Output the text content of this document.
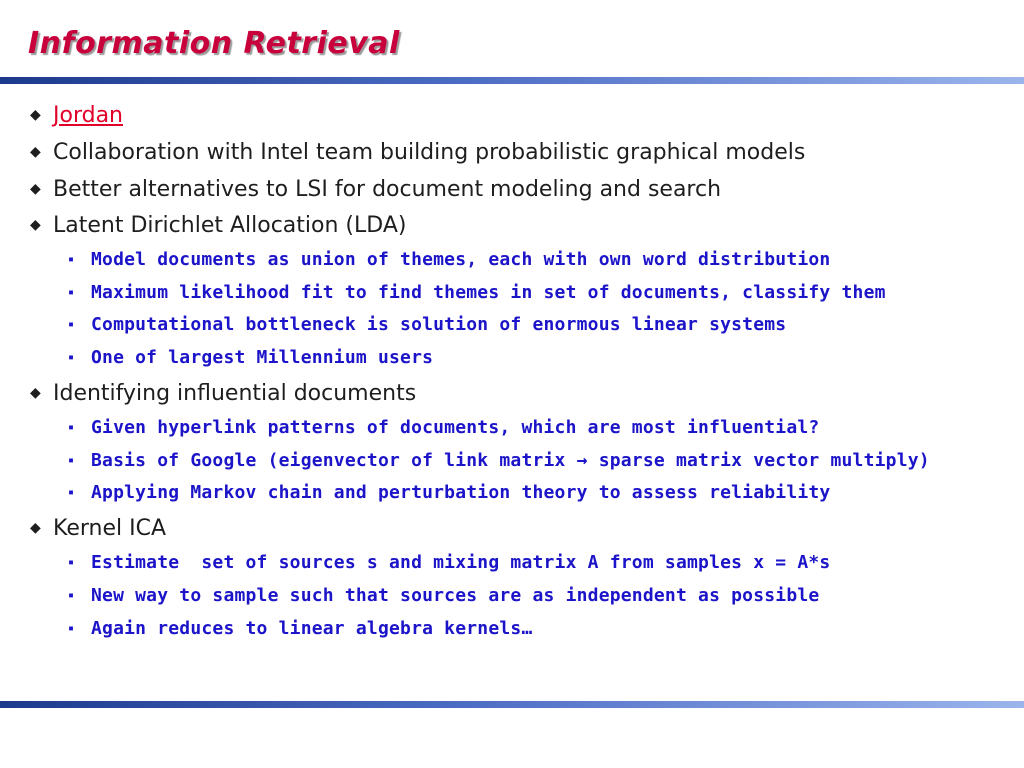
Information Retrieval
◆ Jordan
◆ Collaboration with Intel team building probabilistic graphical models
◆ Better alternatives to LSI for document modeling and search
◆ Latent Dirichlet Allocation (LDA)
▪ Model documents as union of themes, each with own word distribution
▪ Maximum likelihood fit to find themes in set of documents, classify them
▪ Computational bottleneck is solution of enormous linear systems
▪ One of largest Millennium users
◆ Identifying influential documents
▪ Given hyperlink patterns of documents, which are most influential?
▪ Basis of Google (eigenvector of link matrix → sparse matrix vector multiply)
▪ Applying Markov chain and perturbation theory to assess reliability
◆ Kernel ICA
▪ Estimate  set of sources s and mixing matrix A from samples x = A*s
▪ New way to sample such that sources are as independent as possible
▪ Again reduces to linear algebra kernels…
